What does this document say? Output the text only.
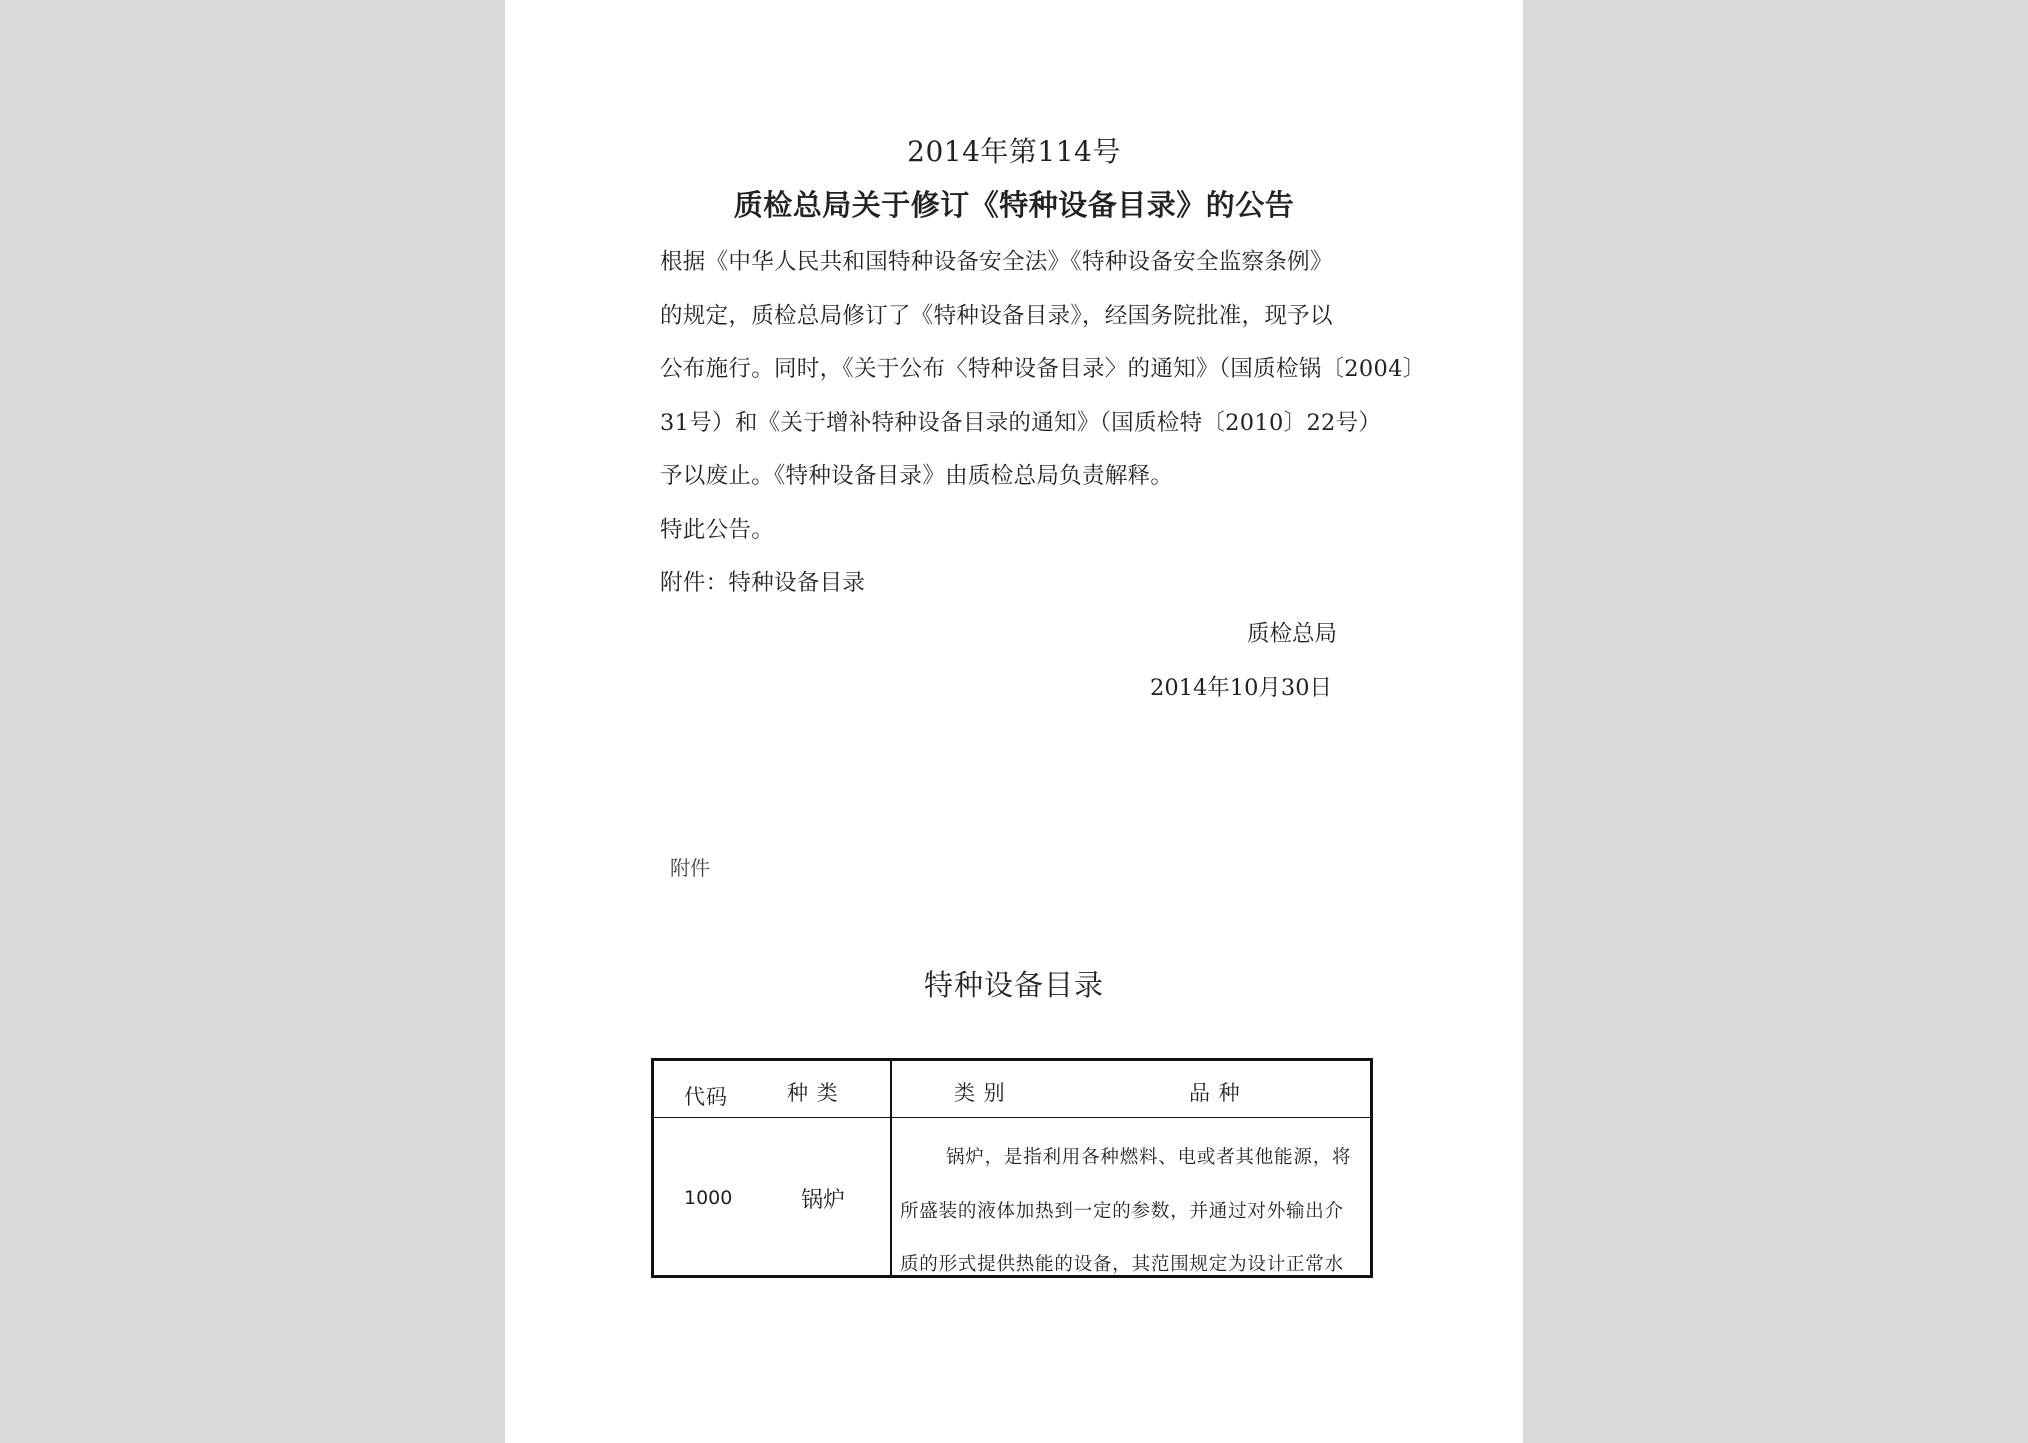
2014年第114号
质检总局关于修订《特种设备目录》的公告

根据《中华人民共和国特种设备安全法》《特种设备安全监察条例》

的规定，质检总局修订了《特种设备目录》，经国务院批准，现予以

公布施行。同时，《关于公布〈特种设备目录〉的通知》（国质检锅〔2004〕

31号）和《关于增补特种设备目录的通知》（国质检特〔2010〕22号）

予以废止。《特种设备目录》由质检总局负责解释。

特此公告。

附件：特种设备目录

质检总局
2014年10月30日
附件
特种设备目录
代码	种 类	类 别	品 种
1000	锅炉

锅炉，是指利用各种燃料、电或者其他能源，将

所盛装的液体加热到一定的参数，并通过对外输出介

质的形式提供热能的设备，其范围规定为设计正常水
